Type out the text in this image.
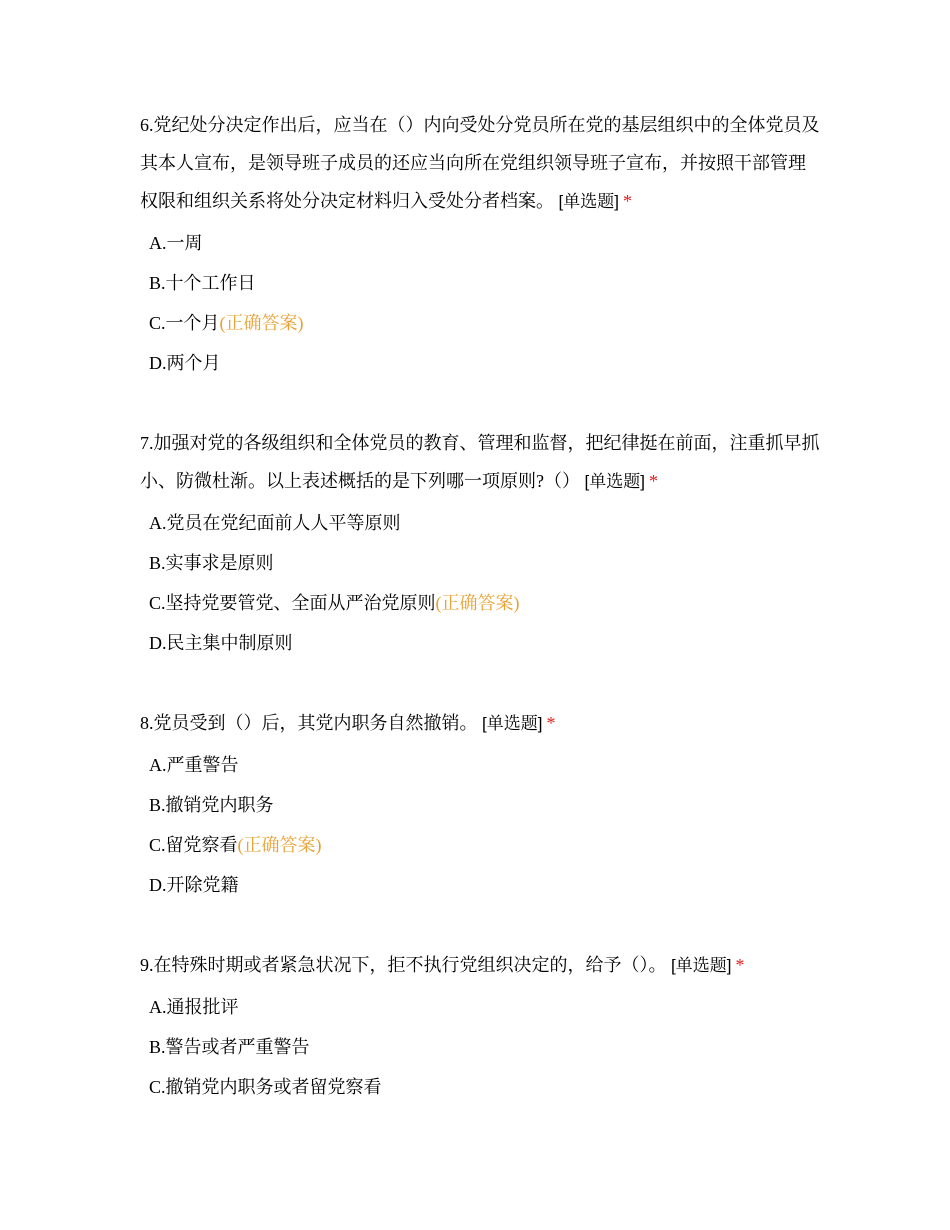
6.党纪处分决定作出后，应当在（）内向受处分党员所在党的基层组织中的全体党员及其本人宣布，是领导班子成员的还应当向所在党组织领导班子宣布，并按照干部管理权限和组织关系将处分决定材料归入受处分者档案。 [单选题] *

A.一周
B.十个工作日
C.一个月(正确答案)
D.两个月

7.加强对党的各级组织和全体党员的教育、管理和监督，把纪律挺在前面，注重抓早抓小、防微杜渐。以上表述概括的是下列哪一项原则?（） [单选题] *

A.党员在党纪面前人人平等原则
B.实事求是原则
C.坚持党要管党、全面从严治党原则(正确答案)
D.民主集中制原则

8.党员受到（）后，其党内职务自然撤销。 [单选题] *

A.严重警告
B.撤销党内职务
C.留党察看(正确答案)
D.开除党籍

9.在特殊时期或者紧急状况下，拒不执行党组织决定的，给予（）。 [单选题] *

A.通报批评
B.警告或者严重警告
C.撤销党内职务或者留党察看
